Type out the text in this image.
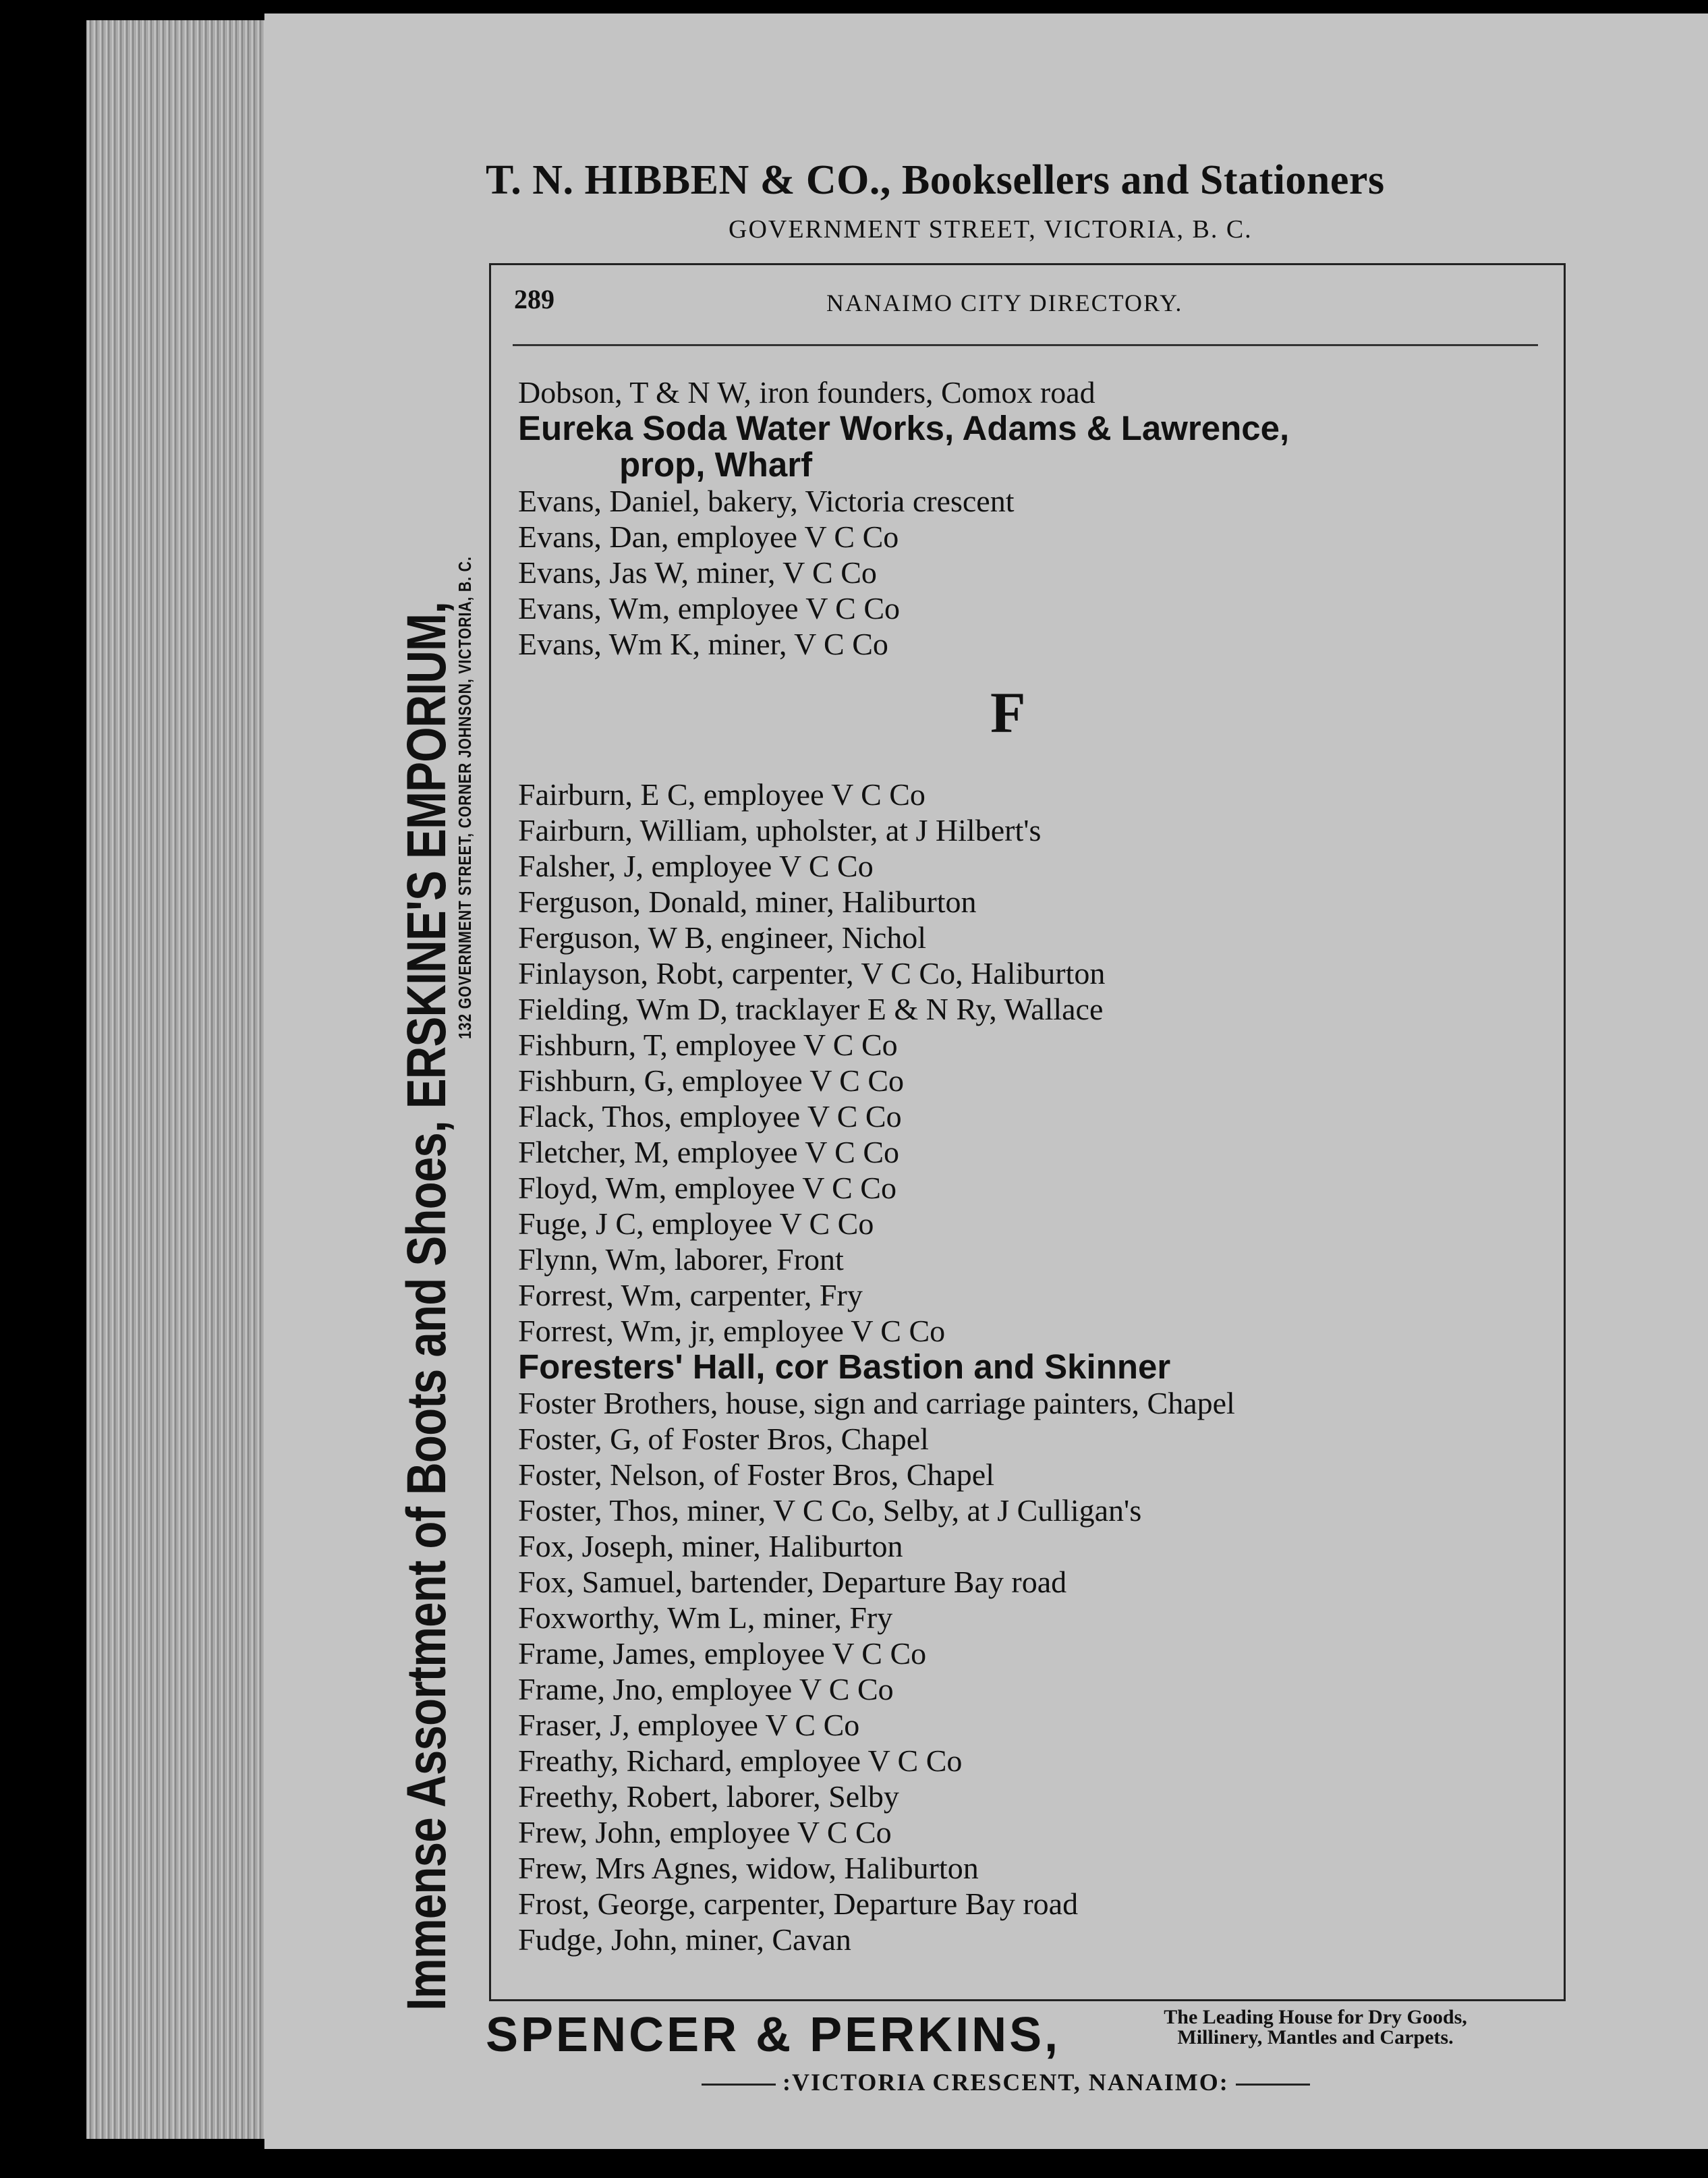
T. N. HIBBEN & CO., Booksellers and Stationers
GOVERNMENT STREET, VICTORIA, B. C.
Immense Assortment of Boots and Shoes, ERSKINE'S EMPORIUM,
132 GOVERNMENT STREET, CORNER JOHNSON, VICTORIA, B. C.
289	NANAIMO CITY DIRECTORY.
Dobson, T & N W, iron founders, Comox road
Eureka Soda Water Works, Adams & Lawrence,
prop, Wharf
Evans, Daniel, bakery, Victoria crescent
Evans, Dan, employee V C Co
Evans, Jas W, miner, V C Co
Evans, Wm, employee V C Co
Evans, Wm K, miner, V C Co
F
Fairburn, E C, employee V C Co
Fairburn, William, upholster, at J Hilbert's
Falsher, J, employee V C Co
Ferguson, Donald, miner, Haliburton
Ferguson, W B, engineer, Nichol
Finlayson, Robt, carpenter, V C Co, Haliburton
Fielding, Wm D, tracklayer E & N Ry, Wallace
Fishburn, T, employee V C Co
Fishburn, G, employee V C Co
Flack, Thos, employee V C Co
Fletcher, M, employee V C Co
Floyd, Wm, employee V C Co
Fuge, J C, employee V C Co
Flynn, Wm, laborer, Front
Forrest, Wm, carpenter, Fry
Forrest, Wm, jr, employee V C Co
Foresters' Hall, cor Bastion and Skinner
Foster Brothers, house, sign and carriage painters, Chapel
Foster, G, of Foster Bros, Chapel
Foster, Nelson, of Foster Bros, Chapel
Foster, Thos, miner, V C Co, Selby, at J Culligan's
Fox, Joseph, miner, Haliburton
Fox, Samuel, bartender, Departure Bay road
Foxworthy, Wm L, miner, Fry
Frame, James, employee V C Co
Frame, Jno, employee V C Co
Fraser, J, employee V C Co
Freathy, Richard, employee V C Co
Freethy, Robert, laborer, Selby
Frew, John, employee V C Co
Frew, Mrs Agnes, widow, Haliburton
Frost, George, carpenter, Departure Bay road
Fudge, John, miner, Cavan
SPENCER & PERKINS,	The Leading House for Dry Goods,
Millinery, Mantles and Carpets.
:VICTORIA CRESCENT, NANAIMO:
